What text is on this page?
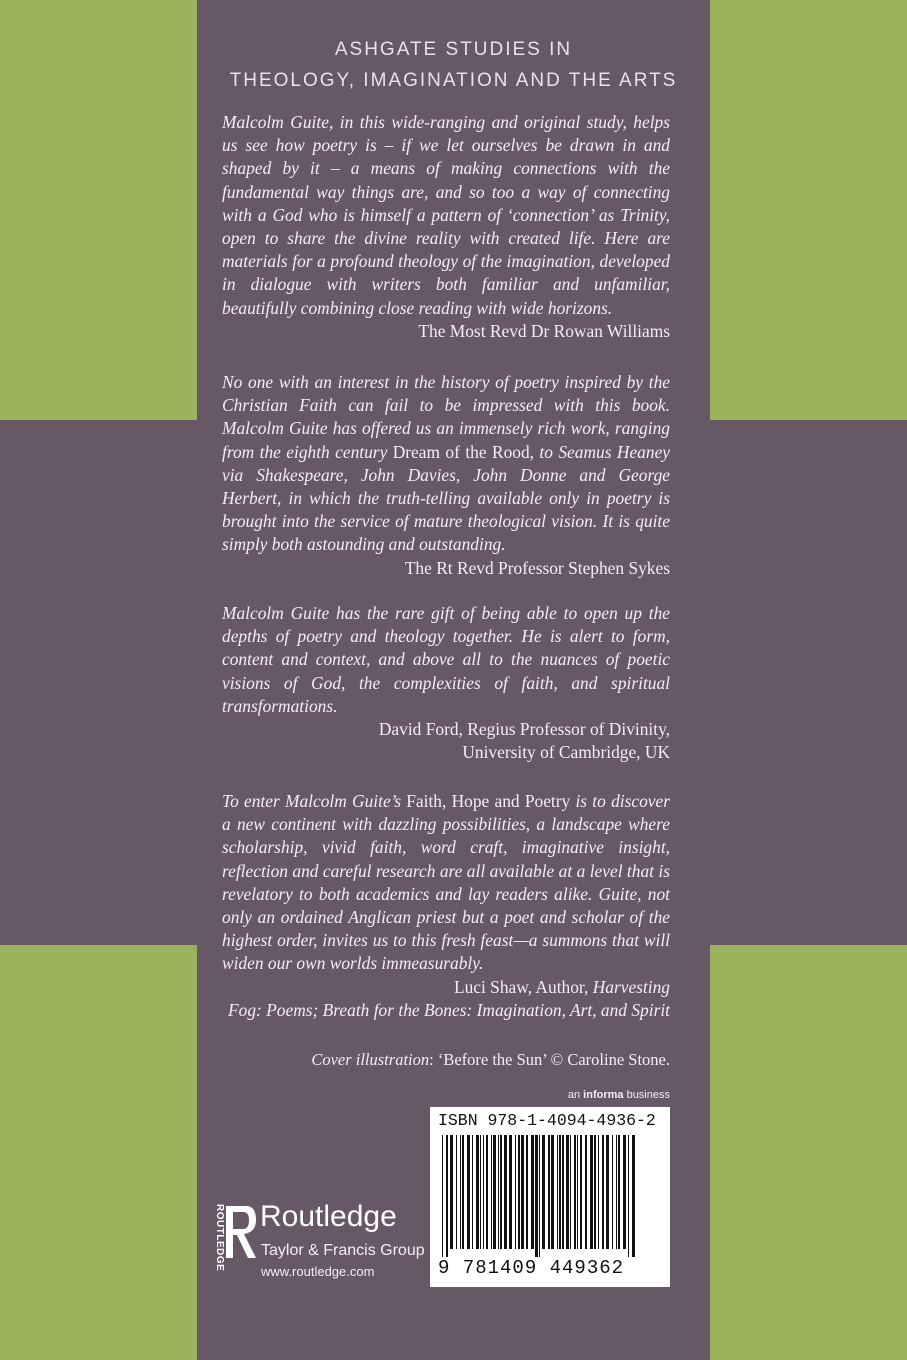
ASHGATE STUDIES IN
THEOLOGY, IMAGINATION AND THE ARTS
Malcolm Guite, in this wide-ranging and original study, helps us see how poetry is – if we let ourselves be drawn in and shaped by it – a means of making connections with the fundamental way things are, and so too a way of connecting with a God who is himself a pattern of ‘connection’ as Trinity, open to share the divine reality with created life. Here are materials for a profound theology of the imagination, developed in dialogue with writers both familiar and unfamiliar, beautifully combining close reading with wide horizons.
The Most Revd Dr Rowan Williams
No one with an interest in the history of poetry inspired by the Christian Faith can fail to be impressed with this book. Malcolm Guite has offered us an immensely rich work, ranging from the eighth century Dream of the Rood, to Seamus Heaney via Shakespeare, John Davies, John Donne and George Herbert, in which the truth-telling available only in poetry is brought into the service of mature theological vision. It is quite simply both astounding and outstanding.
The Rt Revd Professor Stephen Sykes
Malcolm Guite has the rare gift of being able to open up the depths of poetry and theology together. He is alert to form, content and context, and above all to the nuances of poetic visions of God, the complexities of faith, and spiritual transformations.
David Ford, Regius Professor of Divinity,
University of Cambridge, UK
To enter Malcolm Guite’s Faith, Hope and Poetry is to discover a new continent with dazzling possibilities, a landscape where scholarship, vivid faith, word craft, imaginative insight, reflection and careful research are all available at a level that is revelatory to both academics and lay readers alike. Guite, not only an ordained Anglican priest but a poet and scholar of the highest order, invites us to this fresh feast—a summons that will widen our own worlds immeasurably.
Luci Shaw, Author, Harvesting
Fog: Poems; Breath for the Bones: Imagination, Art, and Spirit
Cover illustration: ‘Before the Sun’ © Caroline Stone.
an informa business
ISBN 978-1-4094-4936-2
9 781409 449362
ROUTLEDGE Routledge
Taylor & Francis Group
www.routledge.com
